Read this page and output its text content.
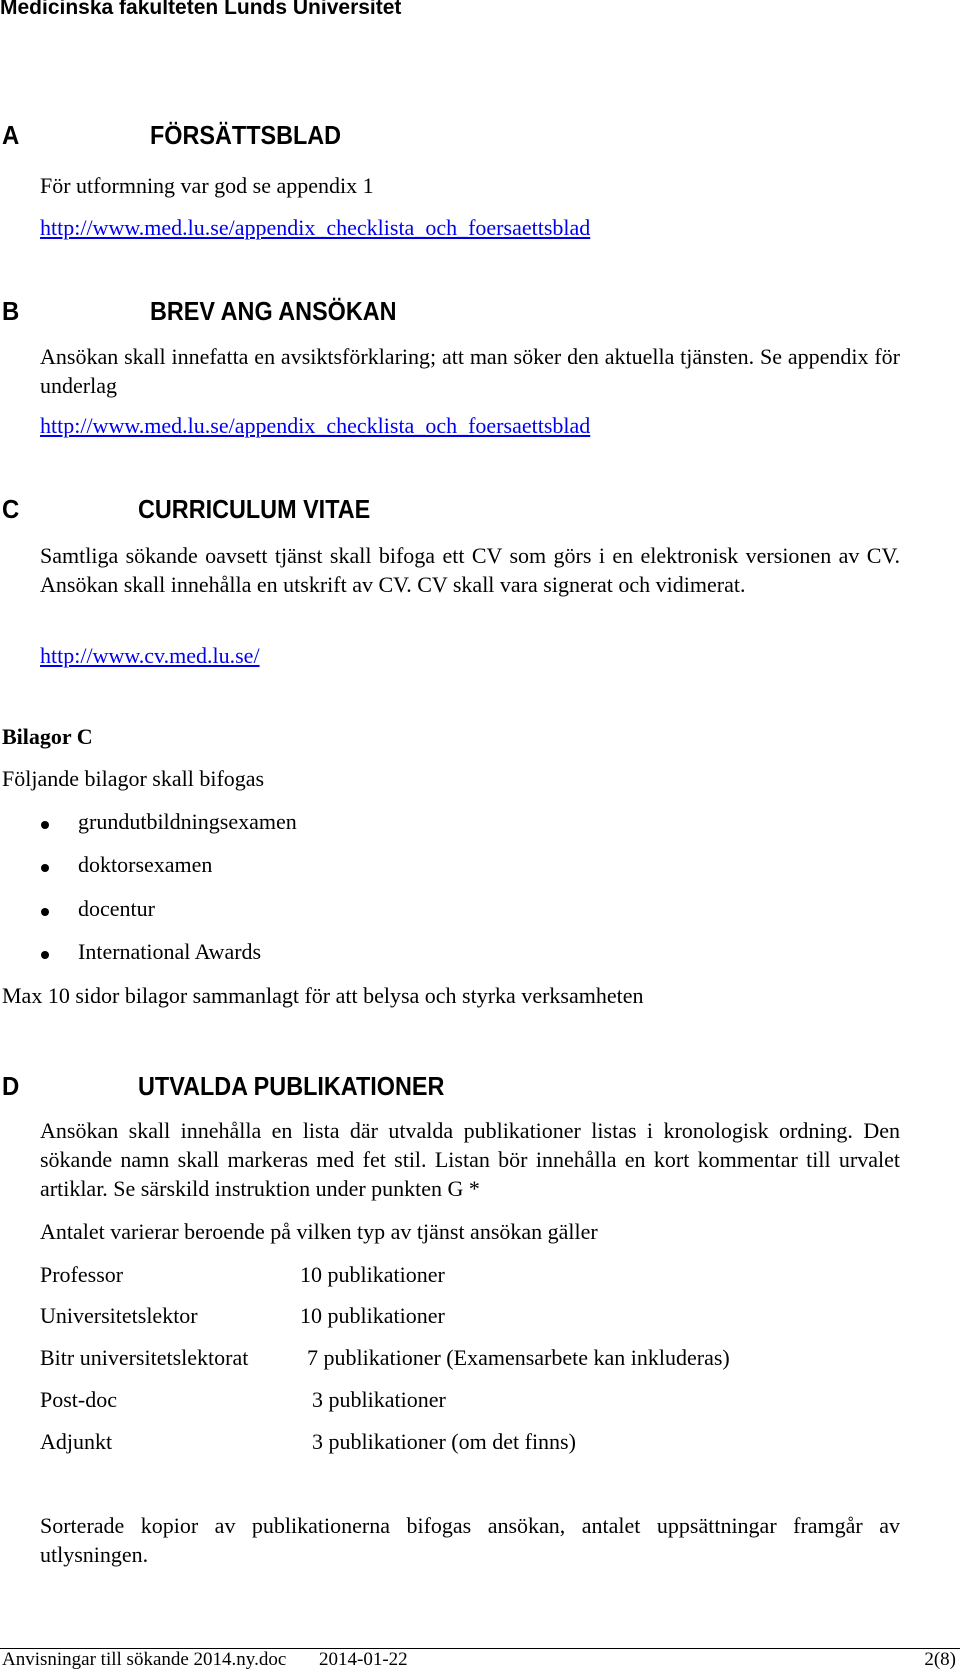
Medicinska fakulteten Lunds Universitet
A	FÖRSÄTTSBLAD
För utformning var god se appendix 1
http://www.med.lu.se/appendix_checklista_och_foersaettsblad
B	BREV ANG ANSÖKAN
Ansökan skall innefatta en avsiktsförklaring; att man söker den aktuella tjänsten. Se appendix för underlag
http://www.med.lu.se/appendix_checklista_och_foersaettsblad
C	CURRICULUM VITAE
Samtliga sökande oavsett tjänst skall bifoga ett CV som görs i en elektronisk versionen av CV. Ansökan skall innehålla en utskrift av CV. CV skall vara signerat och vidimerat.
http://www.cv.med.lu.se/
Bilagor C
Följande bilagor skall bifogas
grundutbildningsexamen
doktorsexamen
docentur
International Awards
Max 10 sidor bilagor sammanlagt för att belysa och styrka verksamheten
D	UTVALDA PUBLIKATIONER
Ansökan skall innehålla en lista där utvalda publikationer listas i kronologisk ordning. Den sökande namn skall markeras med fet stil. Listan bör innehålla en kort kommentar till urvalet artiklar. Se särskild instruktion under punkten G *
Antalet varierar beroende på vilken typ av tjänst ansökan gäller
Professor	10 publikationer
Universitetslektor	10 publikationer
Bitr universitetslektorat	7 publikationer (Examensarbete kan inkluderas)
Post-doc	3 publikationer
Adjunkt	3 publikationer (om det finns)
Sorterade kopior av publikationerna bifogas ansökan, antalet uppsättningar framgår av utlysningen.
Anvisningar till sökande 2014.ny.doc 2014-01-22	2(8)
